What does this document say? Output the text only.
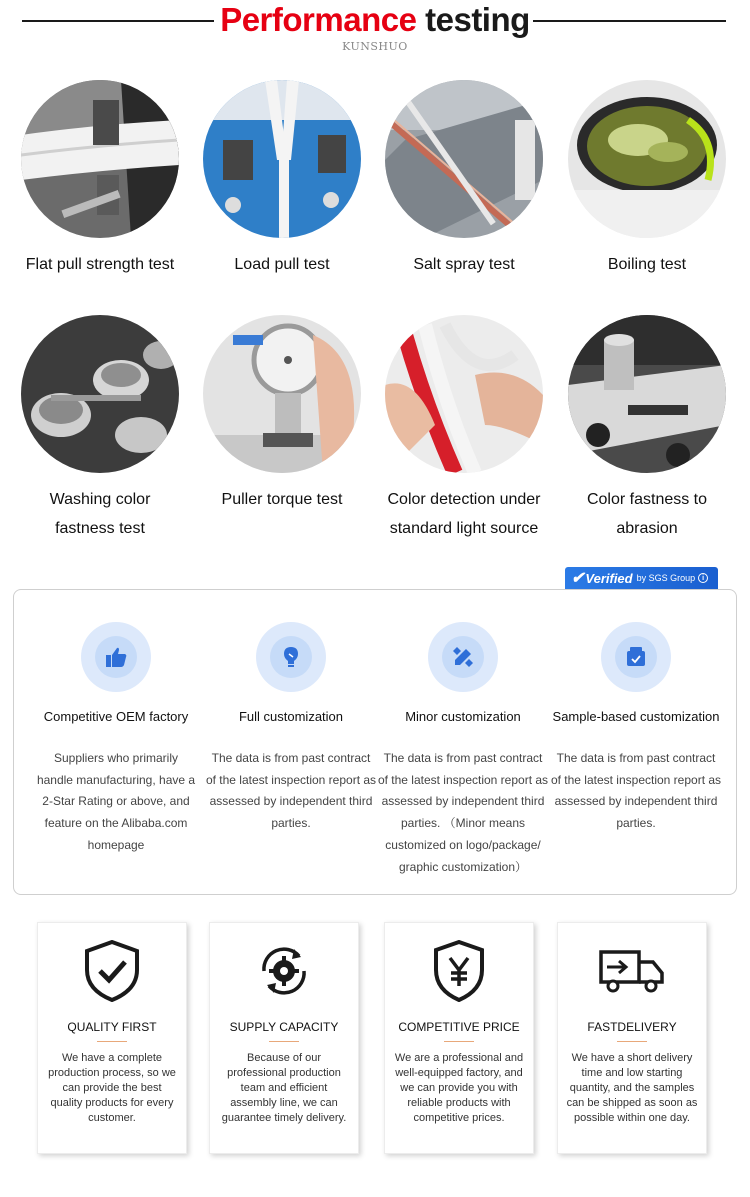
Performance testing
KUNSHUO
Flat pull strength test	Load pull test	Salt spray test	Boiling test
Washing color fastness test
Puller torque test	Color detection under standard light source
Color fastness to abrasion
✔ Verified by SGS Group	i
Competitive OEM factory
Suppliers who primarily handle manufacturing, have a 2-Star Rating or above, and feature on the Alibaba.com homepage
Full customization
The data is from past contract of the latest inspection report as assessed by independent third parties.
Minor customization
The data is from past contract of the latest inspection report as assessed by independent third parties. （Minor means customized on logo/package/ graphic customization）
Sample-based customization
The data is from past contract of the latest inspection report as assessed by independent third parties.
QUALITY FIRST
We have a complete production process, so we can provide the best quality products for every customer.
SUPPLY CAPACITY
Because of our professional production team and efficient assembly line, we can guarantee timely delivery.
COMPETITIVE PRICE
We are a professional and well-equipped factory, and we can provide you with reliable products with competitive prices.
FASTDELIVERY
We have a short delivery time and low starting quantity, and the samples can be shipped as soon as possible within one day.
